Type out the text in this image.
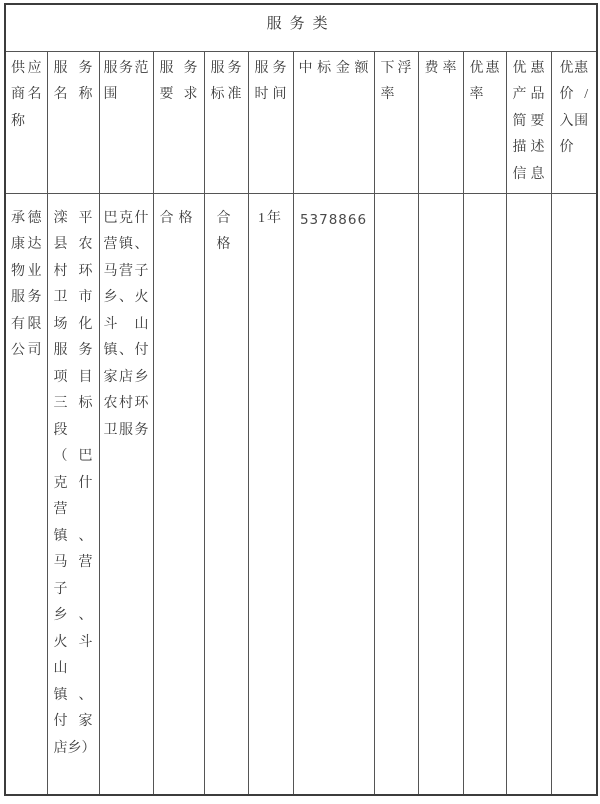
服务类											
供应商名称	服务名称	服务范围	服务要求	服务标准	服务时间	中标金额	下浮率	费率	优惠率	优惠产品简要描述信息	优惠价/入围价
承德康达物业服务有限公司	滦平县农村环卫市场化服务项目三标段（巴克什营镇、马营子乡、火斗山镇、付家店乡）	巴克什营镇、马营子乡、火斗山镇、付家店乡农村环卫服务	合格	合格	1年	5378866					
